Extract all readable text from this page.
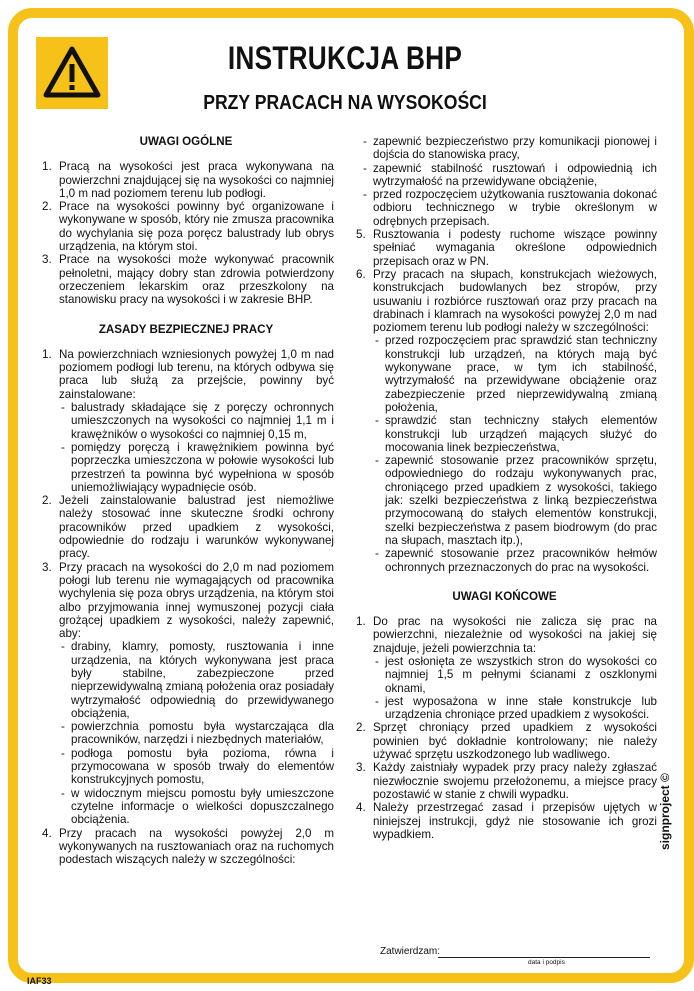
INSTRUKCJA BHP
PRZY PRACACH NA WYSOKOŚCI
UWAGI OGÓLNE
1. Pracą na wysokości jest praca wykonywana na powierzchni znajdującej się na wysokości co najmniej 1,0 m nad poziomem terenu lub podłogi.
2. Prace na wysokości powinny być organizowane i wykonywane w sposób, który nie zmusza pracownika do wychylania się poza poręcz balustrady lub obrys urządzenia, na którym stoi.
3. Prace na wysokości może wykonywać pracownik pełnoletni, mający dobry stan zdrowia potwierdzony orzeczeniem lekarskim oraz przeszkolony na stanowisku pracy na wysokości i w zakresie BHP.
ZASADY BEZPIECZNEJ PRACY
1. Na powierzchniach wzniesionych powyżej 1,0 m nad poziomem podłogi lub terenu, na których odbywa się praca lub służą za przejście, powinny być zainstalowane:
- balustrady składające się z poręczy ochronnych umieszczonych na wysokości co najmniej 1,1 m i krawężników o wysokości co najmniej 0,15 m,
- pomiędzy poręczą i krawężnikiem powinna być poprzeczka umieszczona w połowie wysokości lub przestrzeń ta powinna być wypełniona w sposób uniemożliwiający wypadnięcie osób.
2. Jeżeli zainstalowanie balustrad jest niemożliwe należy stosować inne skuteczne środki ochrony pracowników przed upadkiem z wysokości, odpowiednie do rodzaju i warunków wykonywanej pracy.
3. Przy pracach na wysokości do 2,0 m nad poziomem połogi lub terenu nie wymagających od pracownika wychylenia się poza obrys urządzenia, na którym stoi albo przyjmowania innej wymuszonej pozycji ciała grożącej upadkiem z wysokości, należy zapewnić, aby:
- drabiny, klamry, pomosty, rusztowania i inne urządzenia, na których wykonywana jest praca były stabilne, zabezpieczone przed nieprzewidywalną zmianą położenia oraz posiadały wytrzymałość odpowiednią do przewidywanego obciążenia,
- powierzchnia pomostu była wystarczająca dla pracowników, narzędzi i niezbędnych materiałów,
- podłoga pomostu była pozioma, równa i przymocowana w sposób trwały do elementów konstrukcyjnych pomostu,
- w widocznym miejscu pomostu były umieszczone czytelne informacje o wielkości dopuszczalnego obciążenia.
4. Przy pracach na wysokości powyżej 2,0 m wykonywanych na rusztowaniach oraz na ruchomych podestach wiszących należy w szczególności:
- zapewnić bezpieczeństwo przy komunikacji pionowej i dojścia do stanowiska pracy,
- zapewnić stabilność rusztowań i odpowiednią ich wytrzymałość na przewidywane obciążenie,
- przed rozpoczęciem użytkowania rusztowania dokonać odbioru technicznego w trybie określonym w odrębnych przepisach.
5. Rusztowania i podesty ruchome wiszące powinny spełniać wymagania określone odpowiednich przepisach oraz w PN.
6. Przy pracach na słupach, konstrukcjach wieżowych, konstrukcjach budowlanych bez stropów, przy usuwaniu i rozbiórce rusztowań oraz przy pracach na drabinach i klamrach na wysokości powyżej 2,0 m nad poziomem terenu lub podłogi należy w szczególności:
- przed rozpoczęciem prac sprawdzić stan techniczny konstrukcji lub urządzeń, na których mają być wykonywane prace, w tym ich stabilność, wytrzymałość na przewidywane obciążenie oraz zabezpieczenie przed nieprzewidywalną zmianą położenia,
- sprawdzić stan techniczny stałych elementów konstrukcji lub urządzeń mających służyć do mocowania linek bezpieczeństwa,
- zapewnić stosowanie przez pracowników sprzętu, odpowiedniego do rodzaju wykonywanych prac, chroniącego przed upadkiem z wysokości, takiego jak: szelki bezpieczeństwa z linką bezpieczeństwa przymocowaną do stałych elementów konstrukcji, szelki bezpieczeństwa z pasem biodrowym (do prac na słupach, masztach itp.),
- zapewnić stosowanie przez pracowników hełmów ochronnych przeznaczonych do prac na wysokości.
UWAGI KOŃCOWE
1. Do prac na wysokości nie zalicza się prac na powierzchni, niezależnie od wysokości na jakiej się znajduje, jeżeli powierzchnia ta:
- jest osłonięta ze wszystkich stron do wysokości co najmniej 1,5 m pełnymi ścianami z oszklonymi oknami,
- jest wyposażona w inne stałe konstrukcje lub urządzenia chroniące przed upadkiem z wysokości.
2. Sprzęt chroniący przed upadkiem z wysokości powinien być dokładnie kontrolowany; nie należy używać sprzętu uszkodzonego lub wadliwego.
3. Każdy zaistniały wypadek przy pracy należy zgłaszać niezwłocznie swojemu przełożonemu, a miejsce pracy pozostawić w stanie z chwili wypadku.
4. Należy przestrzegać zasad i przepisów ujętych w niniejszej instrukcji, gdyż nie stosowanie ich grozi wypadkiem.
Zatwierdzam:
data i podpis
signproject ©
IAF33
